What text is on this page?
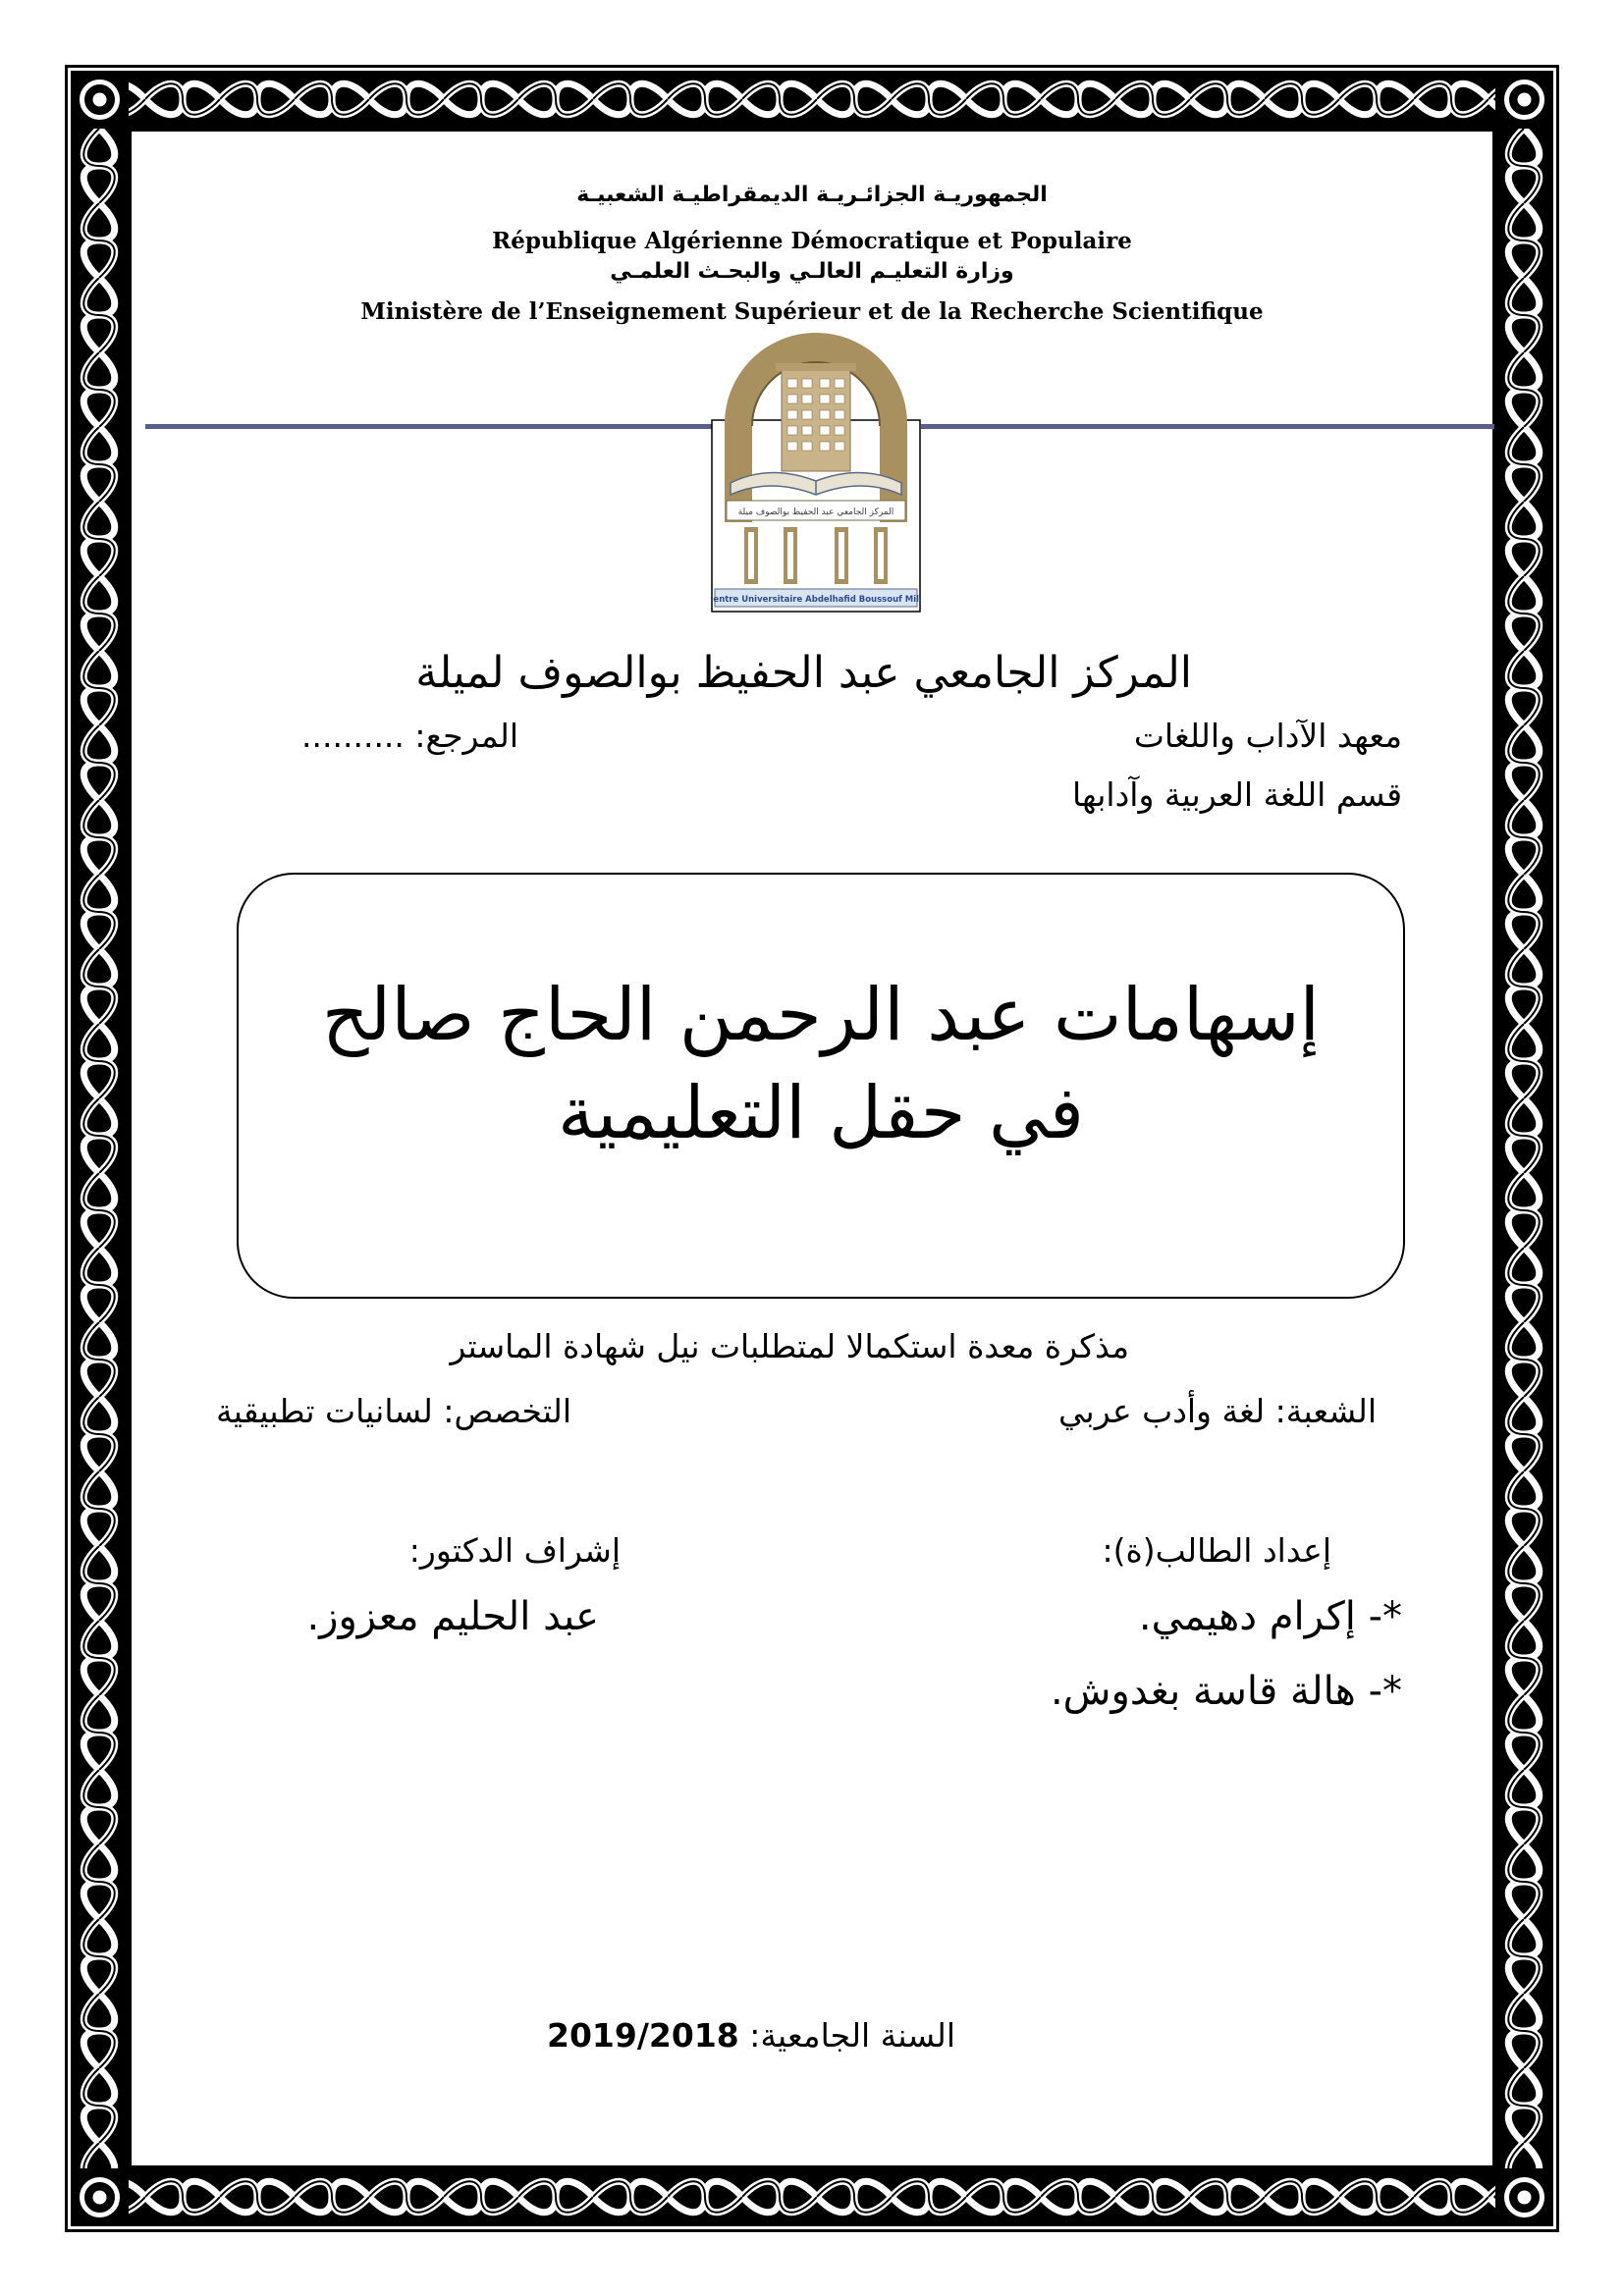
الجمهوريـة الجزائـريـة الديمقراطيـة الشعبيـة
République Algérienne Démocratique et Populaire
وزارة التعليـم العالـي والبحـث العلمـي
Ministère de l’Enseignement Supérieur et de la Recherche Scientifique
المركز الجامعي عبد الحفيظ بوالصوف ميلة
Centre Universitaire Abdelhafid Boussouf Mila
المركز الجامعي عبد الحفيظ بوالصوف لميلة
معهد الآداب واللغات
المرجع: ..........
قسم اللغة العربية وآدابها
إسهامات عبد الرحمن الحاج صالح
في حقل التعليمية
مذكرة معدة استكمالا لمتطلبات نيل شهادة الماستر
الشعبة: لغة وأدب عربي
التخصص: لسانيات تطبيقية
إعداد الطالب(ة):
إشراف الدكتور:
*- إكرام دهيمي.
*- هالة قاسة بغدوش.
عبد الحليم معزوز.
السنة الجامعية: 2019/2018
